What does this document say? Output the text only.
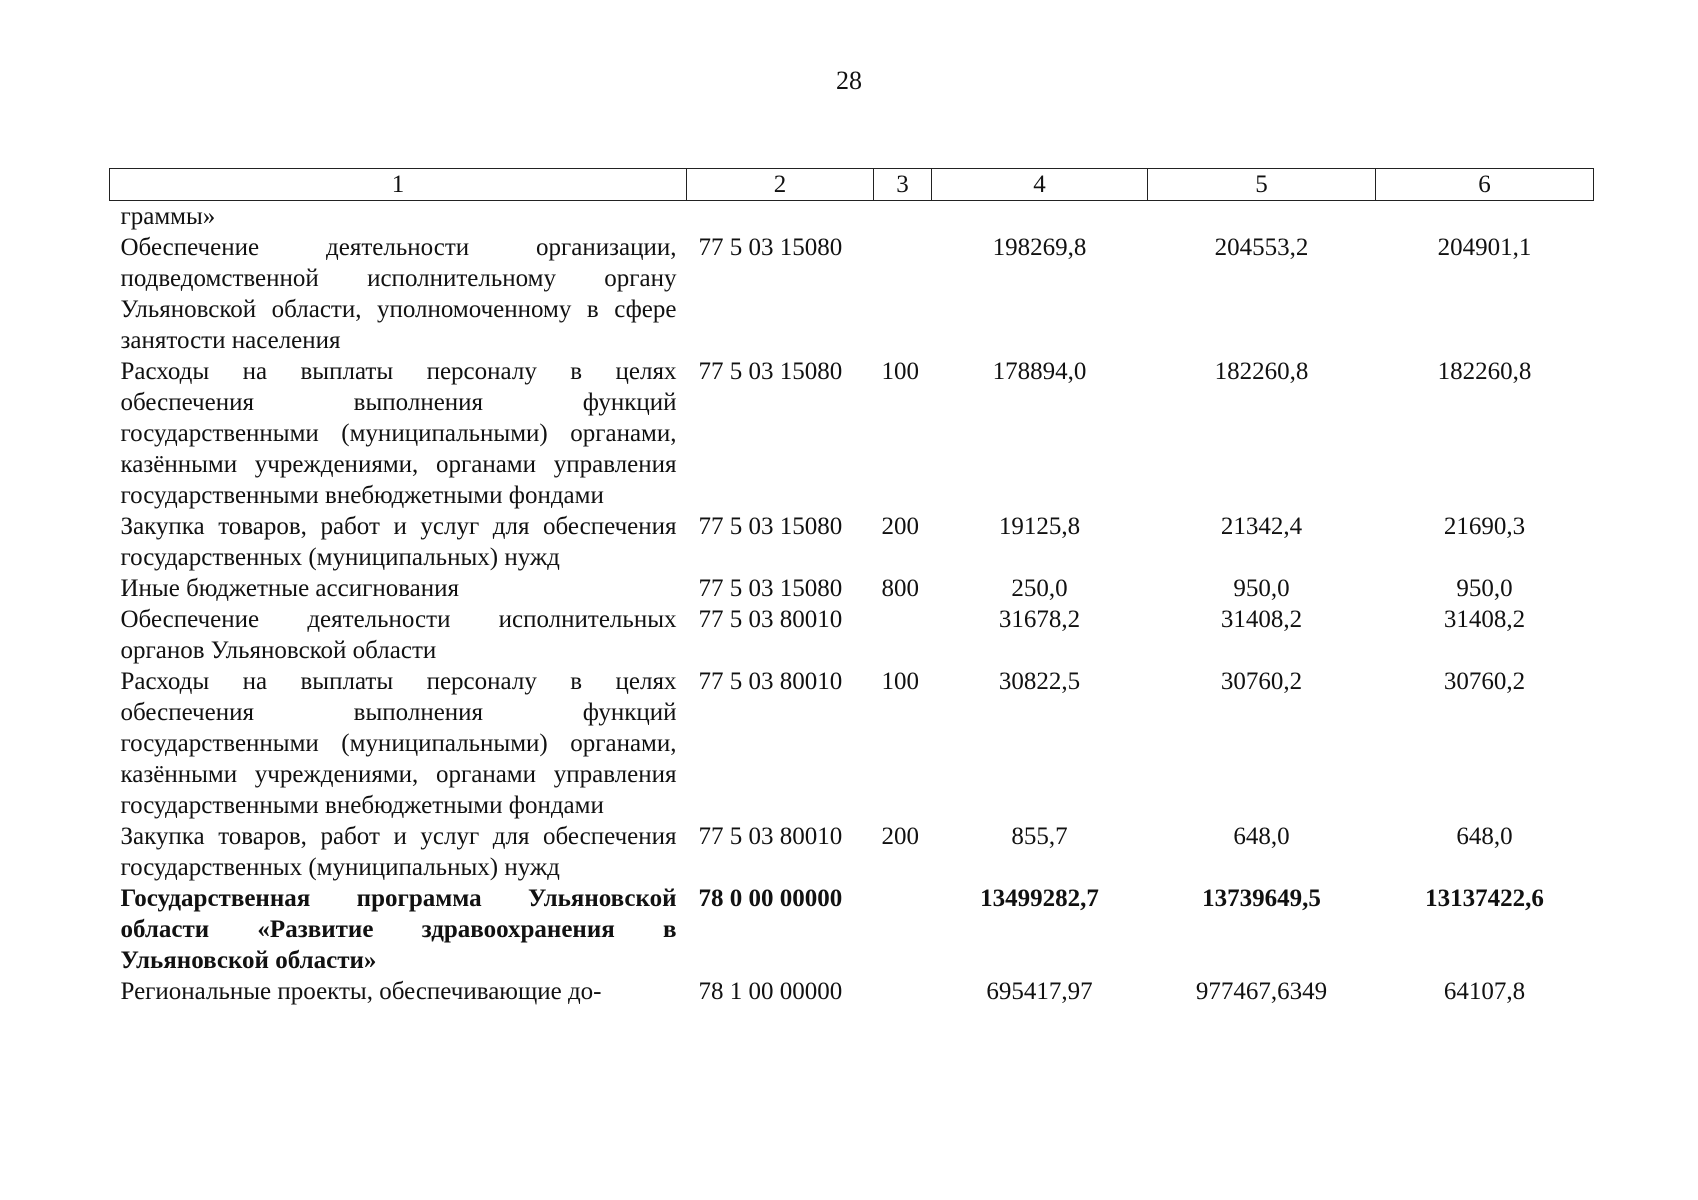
28
1	2	3	4	5	6
граммы»					
Обеспечение деятельности организации, подведомственной исполнительному органу Ульяновской области, уполномоченному в сфере занятости населения	77 5 03 15080		198269,8	204553,2	204901,1
Расходы на выплаты персоналу в целях обеспечения выполнения функций государственными (муниципальными) органами, казёнными учреждениями, органами управления государственными внебюджетными фондами	77 5 03 15080	100	178894,0	182260,8	182260,8
Закупка товаров, работ и услуг для обеспечения государственных (муниципальных) нужд	77 5 03 15080	200	19125,8	21342,4	21690,3
Иные бюджетные ассигнования	77 5 03 15080	800	250,0	950,0	950,0
Обеспечение деятельности исполнительных органов Ульяновской области	77 5 03 80010		31678,2	31408,2	31408,2
Расходы на выплаты персоналу в целях обеспечения выполнения функций государственными (муниципальными) органами, казёнными учреждениями, органами управления государственными внебюджетными фондами	77 5 03 80010	100	30822,5	30760,2	30760,2
Закупка товаров, работ и услуг для обеспечения государственных (муниципальных) нужд	77 5 03 80010	200	855,7	648,0	648,0
Государственная программа Ульяновской области «Развитие здравоохранения в Ульяновской области»	78 0 00 00000		13499282,7	13739649,5	13137422,6
Региональные проекты, обеспечивающие до-	78 1 00 00000		695417,97	977467,6349	64107,8
